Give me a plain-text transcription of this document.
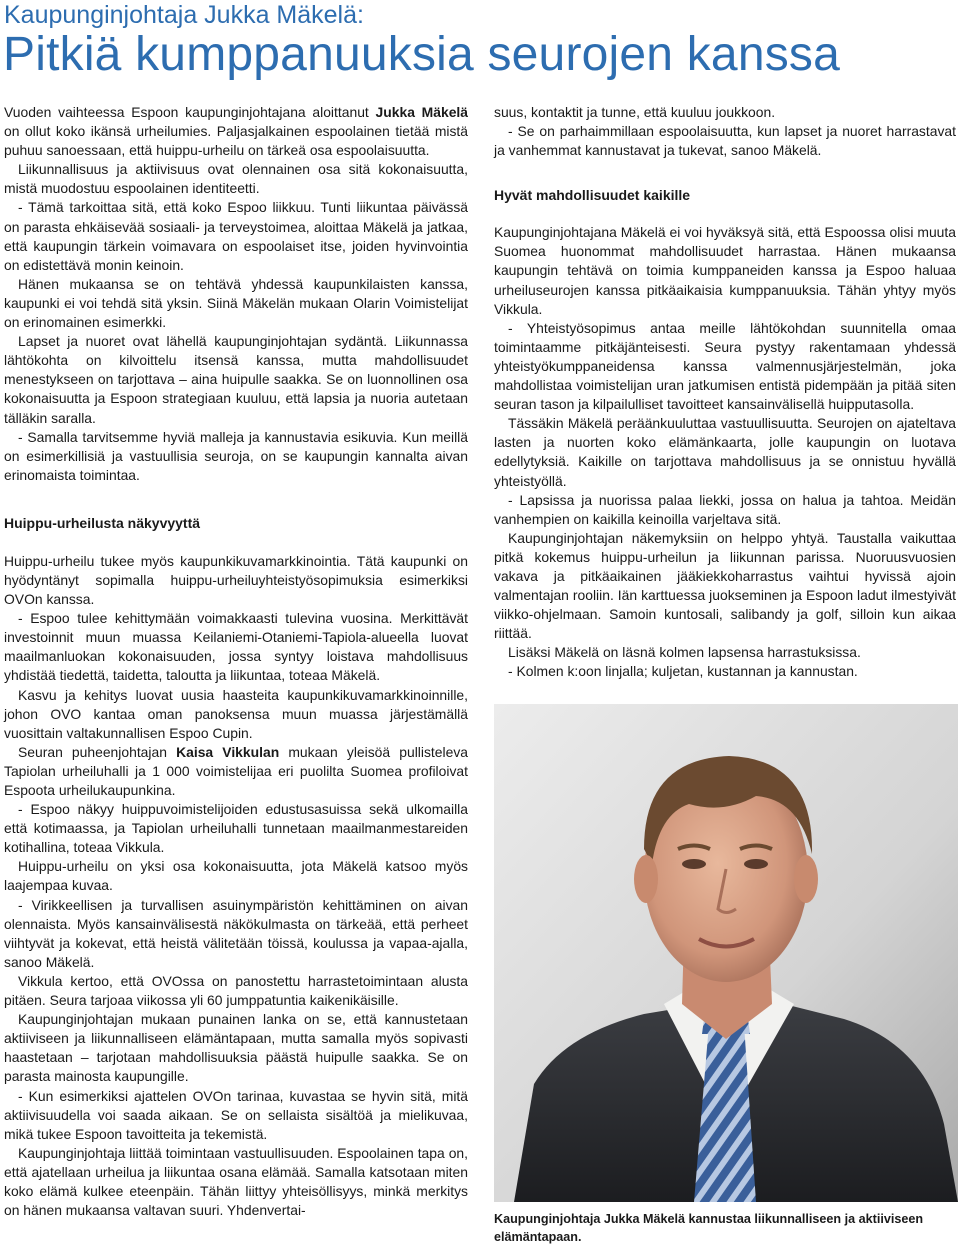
Kaupunginjohtaja Jukka Mäkelä:
Pitkiä kumppanuuksia seurojen kanssa

Vuoden vaihteessa Espoon kaupunginjohtajana aloittanut Jukka Mäkelä on ollut koko ikänsä urheilumies. Paljasjalkainen espoolainen tietää mistä puhuu sanoessaan, että huippu-urheilu on tärkeä osa espoolaisuutta.

Liikunnallisuus ja aktiivisuus ovat olennainen osa sitä kokonaisuutta, mistä muodostuu espoolainen identiteetti.

- Tämä tarkoittaa sitä, että koko Espoo liikkuu. Tunti liikuntaa päivässä on parasta ehkäisevää sosiaali- ja terveystoimea, aloittaa Mäkelä ja jatkaa, että kaupungin tärkein voimavara on espoolaiset itse, joiden hyvinvointia on edistettävä monin keinoin.

Hänen mukaansa se on tehtävä yhdessä kaupunkilaisten kanssa, kaupunki ei voi tehdä sitä yksin. Siinä Mäkelän mukaan Olarin Voimistelijat on erinomainen esimerkki.

Lapset ja nuoret ovat lähellä kaupunginjohtajan sydäntä. Liikunnassa lähtökohta on kilvoittelu itsensä kanssa, mutta mahdollisuudet menestykseen on tarjottava – aina huipulle saakka. Se on luonnollinen osa kokonaisuutta ja Espoon strategiaan kuuluu, että lapsia ja nuoria autetaan tälläkin saralla.

- Samalla tarvitsemme hyviä malleja ja kannustavia esikuvia. Kun meillä on esimerkillisiä ja vastuullisia seuroja, on se kaupungin kannalta aivan erinomaista toimintaa.

Huippu-urheilusta näkyvyyttä

Huippu-urheilu tukee myös kaupunkikuvamarkkinointia. Tätä kaupunki on hyödyntänyt sopimalla huippu-urheiluyhteistyösopimuksia esimerkiksi OVOn kanssa.

- Espoo tulee kehittymään voimakkaasti tulevina vuosina. Merkittävät investoinnit muun muassa Keilaniemi-Otaniemi-Tapiola-alueella luovat maailmanluokan kokonaisuuden, jossa syntyy loistava mahdollisuus yhdistää tiedettä, taidetta, taloutta ja liikuntaa, toteaa Mäkelä.

Kasvu ja kehitys luovat uusia haasteita kaupunkikuvamarkkinoinnille, johon OVO kantaa oman panoksensa muun muassa järjestämällä vuosittain valtakunnallisen Espoo Cupin.

Seuran puheenjohtajan Kaisa Vikkulan mukaan yleisöä pullisteleva Tapiolan urheiluhalli ja 1 000 voimistelijaa eri puolilta Suomea profiloivat Espoota urheilukaupunkina.

- Espoo näkyy huippuvoimistelijoiden edustusasuissa sekä ulkomailla että kotimaassa, ja Tapiolan urheiluhalli tunnetaan maailmanmestareiden kotihallina, toteaa Vikkula.

Huippu-urheilu on yksi osa kokonaisuutta, jota Mäkelä katsoo myös laajempaa kuvaa.

- Virikkeellisen ja turvallisen asuinympäristön kehittäminen on aivan olennaista. Myös kansainvälisestä näkökulmasta on tärkeää, että perheet viihtyvät ja kokevat, että heistä välitetään töissä, koulussa ja vapaa-ajalla, sanoo Mäkelä.

Vikkula kertoo, että OVOssa on panostettu harrastetoimintaan alusta pitäen. Seura tarjoaa viikossa yli 60 jumppatuntia kaikenikäisille.

Kaupunginjohtajan mukaan punainen lanka on se, että kannustetaan aktiiviseen ja liikunnalliseen elämäntapaan, mutta samalla myös sopivasti haastetaan – tarjotaan mahdollisuuksia päästä huipulle saakka. Se on parasta mainosta kaupungille.

- Kun esimerkiksi ajattelen OVOn tarinaa, kuvastaa se hyvin sitä, mitä aktiivisuudella voi saada aikaan. Se on sellaista sisältöä ja mielikuvaa, mikä tukee Espoon tavoitteita ja tekemistä.

Kaupunginjohtaja liittää toimintaan vastuullisuuden. Espoolainen tapa on, että ajatellaan urheilua ja liikuntaa osana elämää. Samalla katsotaan miten koko elämä kulkee eteenpäin. Tähän liittyy yhteisöllisyys, minkä merkitys on hänen mukaansa valtavan suuri. Yhdenvertai-

suus, kontaktit ja tunne, että kuuluu joukkoon.

- Se on parhaimmillaan espoolaisuutta, kun lapset ja nuoret harrastavat ja vanhemmat kannustavat ja tukevat, sanoo Mäkelä.

Hyvät mahdollisuudet kaikille

Kaupunginjohtajana Mäkelä ei voi hyväksyä sitä, että Espoossa olisi muuta Suomea huonommat mahdollisuudet harrastaa. Hänen mukaansa kaupungin tehtävä on toimia kumppaneiden kanssa ja Espoo haluaa urheiluseurojen kanssa pitkäaikaisia kumppanuuksia. Tähän yhtyy myös Vikkula.

- Yhteistyösopimus antaa meille lähtökohdan suunnitella omaa toimintaamme pitkäjänteisesti. Seura pystyy rakentamaan yhdessä yhteistyökumppaneidensa kanssa valmennusjärjestelmän, joka mahdollistaa voimistelijan uran jatkumisen entistä pidempään ja pitää siten seuran tason ja kilpailulliset tavoitteet kansainvälisellä huipputasolla.

Tässäkin Mäkelä peräänkuuluttaa vastuullisuutta. Seurojen on ajateltava lasten ja nuorten koko elämänkaarta, jolle kaupungin on luotava edellytyksiä. Kaikille on tarjottava mahdollisuus ja se onnistuu hyvällä yhteistyöllä.

- Lapsissa ja nuorissa palaa liekki, jossa on halua ja tahtoa. Meidän vanhempien on kaikilla keinoilla varjeltava sitä.

Kaupunginjohtajan näkemyksiin on helppo yhtyä. Taustalla vaikuttaa pitkä kokemus huippu-urheilun ja liikunnan parissa. Nuoruusvuosien vakava ja pitkäaikainen jääkiekkoharrastus vaihtui hyvissä ajoin valmentajan rooliin. Iän karttuessa juokseminen ja Espoon ladut ilmestyivät viikko-ohjelmaan. Samoin kuntosali, salibandy ja golf, silloin kun aikaa riittää.

Lisäksi Mäkelä on läsnä kolmen lapsensa harrastuksissa.

- Kolmen k:oon linjalla; kuljetan, kustannan ja kannustan.

Kaupunginjohtaja Jukka Mäkelä kannustaa liikunnalliseen ja aktiiviseen elämäntapaan.
